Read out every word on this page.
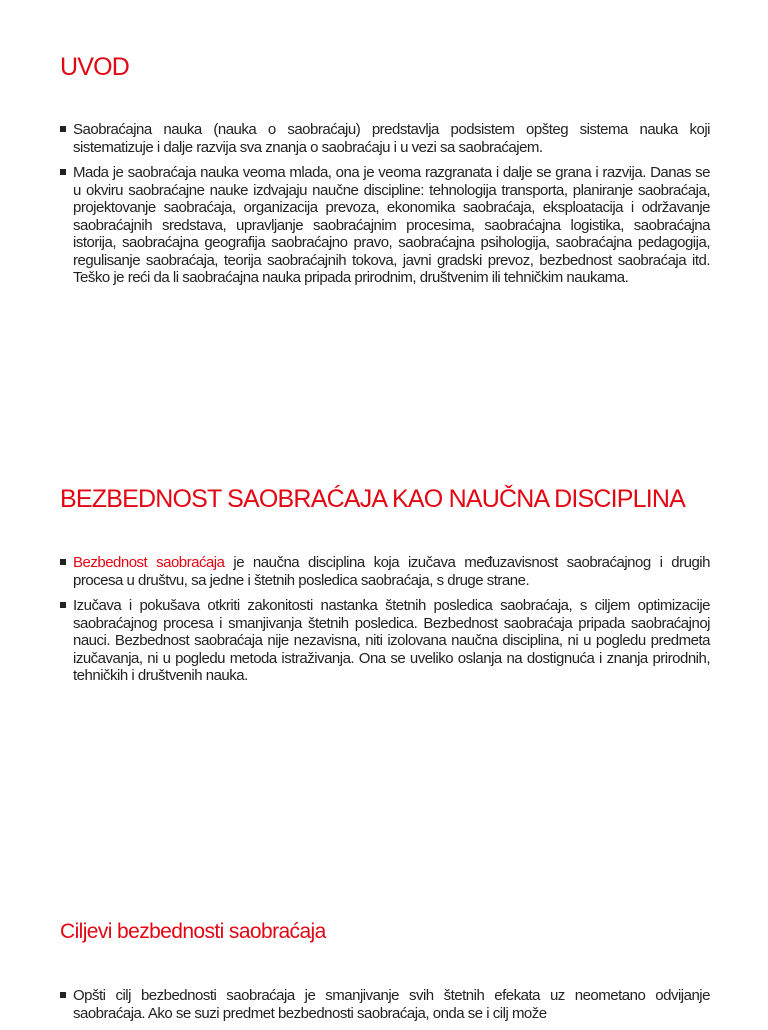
UVOD
Saobraćajna nauka (nauka o saobraćaju) predstavlja podsistem opšteg sistema nauka koji sistematizuje i dalje razvija sva znanja o saobraćaju i u vezi sa saobraćajem.
Mada je saobraćaja nauka veoma mlada, ona je veoma razgranata i dalje se grana i razvija. Danas se u okviru saobraćajne nauke izdvajaju naučne discipline: tehnologija transporta, planiranje saobraćaja, projektovanje saobraćaja, organizacija prevoza, ekonomika saobraćaja, eksploatacija i održavanje saobraćajnih sredstava, upravljanje saobraćajnim procesima, saobraćajna logistika, saobraćajna istorija, saobraćajna geografija saobraćajno pravo, saobraćajna psihologija, saobraćajna pedagogija, regulisanje saobraćaja, teorija saobraćajnih tokova, javni gradski prevoz, bezbednost saobraćaja itd. Teško je reći da li saobraćajna nauka pripada prirodnim, društvenim ili tehničkim naukama.
BEZBEDNOST SAOBRAĆAJA KAO NAUČNA DISCIPLINA
Bezbednost saobraćaja je naučna disciplina koja izučava međuzavisnost saobraćajnog i drugih procesa u društvu, sa jedne i štetnih posledica saobraćaja, s druge strane.
Izučava i pokušava otkriti zakonitosti nastanka štetnih posledica saobraćaja, s ciljem optimizacije saobraćajnog procesa i smanjivanja štetnih posledica. Bezbednost saobraćaja pripada saobraćajnoj nauci. Bezbednost saobraćaja nije nezavisna, niti izolovana naučna disciplina, ni u pogledu predmeta izučavanja, ni u pogledu metoda istraživanja. Ona se uveliko oslanja na dostignuća i znanja prirodnih, tehničkih i društvenih nauka.
Ciljevi bezbednosti saobraćaja
Opšti cilj bezbednosti saobraćaja je smanjivanje svih štetnih efekata uz neometano odvijanje saobraćaja. Ako se suzi predmet bezbednosti saobraćaja, onda se i cilj može
